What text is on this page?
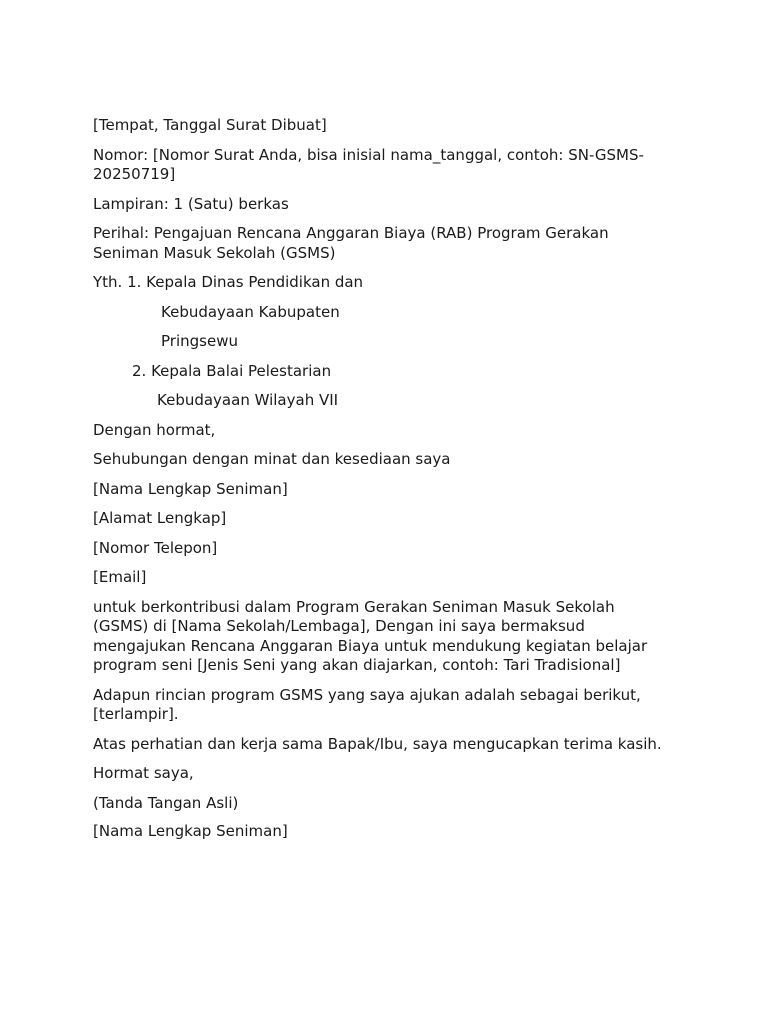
[Tempat, Tanggal Surat Dibuat]

Nomor: [Nomor Surat Anda, bisa inisial nama_tanggal, contoh: SN-GSMS-20250719]

Lampiran: 1 (Satu) berkas

Perihal: Pengajuan Rencana Anggaran Biaya (RAB) Program Gerakan Seniman Masuk Sekolah (GSMS)

Yth. 1. Kepala Dinas Pendidikan dan

Kebudayaan Kabupaten

Pringsewu

2. Kepala Balai Pelestarian

Kebudayaan Wilayah VII

Dengan hormat,

Sehubungan dengan minat dan kesediaan saya

[Nama Lengkap Seniman]

[Alamat Lengkap]

[Nomor Telepon]

[Email]

untuk berkontribusi dalam Program Gerakan Seniman Masuk Sekolah (GSMS) di [Nama Sekolah/Lembaga], Dengan ini saya bermaksud mengajukan Rencana Anggaran Biaya untuk mendukung kegiatan belajar program seni [Jenis Seni yang akan diajarkan, contoh: Tari Tradisional]

Adapun rincian program GSMS yang saya ajukan adalah sebagai berikut, [terlampir].

Atas perhatian dan kerja sama Bapak/Ibu, saya mengucapkan terima kasih.

Hormat saya,

(Tanda Tangan Asli)

[Nama Lengkap Seniman]
